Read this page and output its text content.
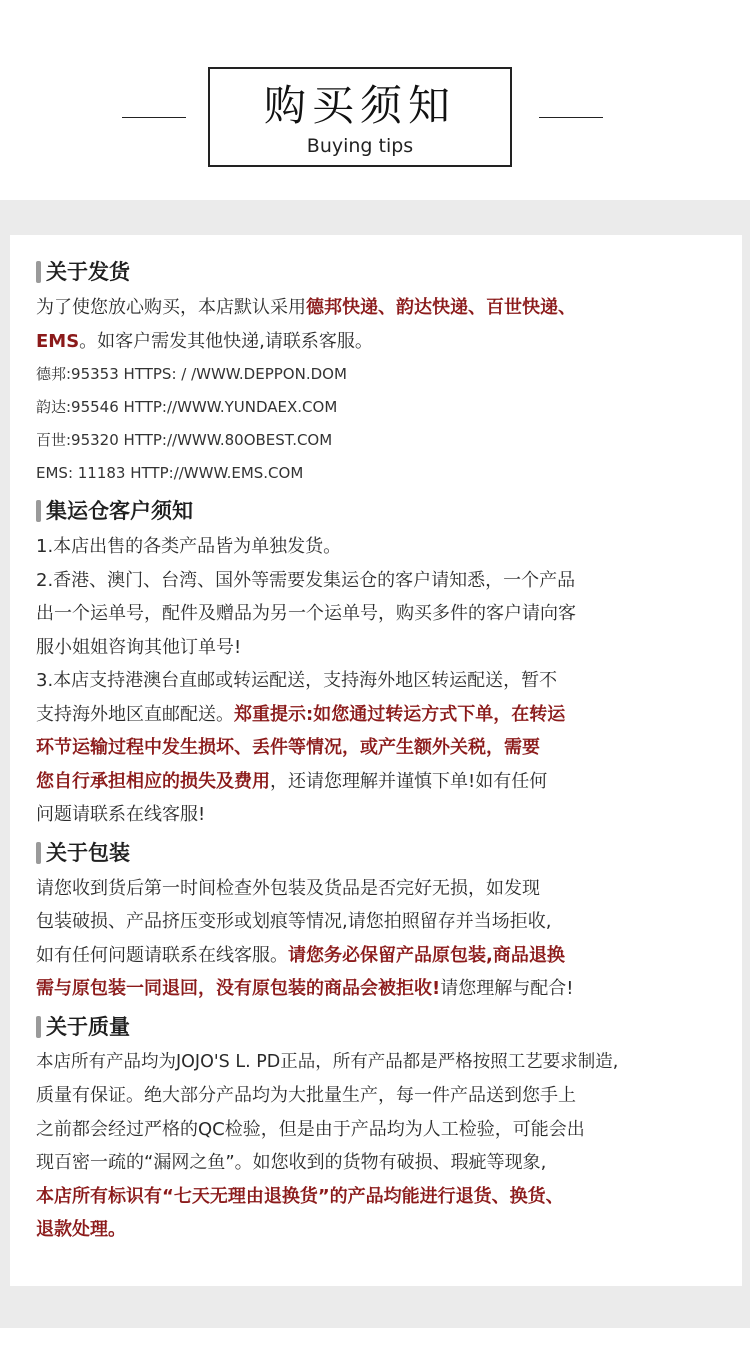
购买须知
Buying tips
关于发货
为了使您放心购买，本店默认采用德邦快递、韵达快递、百世快递、
EMS。如客户需发其他快递,请联系客服。
德邦:95353 HTTPS: / /WWW.DEPPON.DOM
韵达:95546 HTTP://WWW.YUNDAEX.COM
百世:95320 HTTP://WWW.80OBEST.COM
EMS: 11183 HTTP://WWW.EMS.COM
集运仓客户须知
1.本店出售的各类产品皆为单独发货。
2.香港、澳门、台湾、国外等需要发集运仓的客户请知悉，一个产品
出一个运单号，配件及赠品为另一个运单号，购买多件的客户请向客
服小姐姐咨询其他订单号!
3.本店支持港澳台直邮或转运配送，支持海外地区转运配送，暂不
支持海外地区直邮配送。郑重提示:如您通过转运方式下单，在转运
环节运输过程中发生损坏、丢件等情况，或产生额外关税，需要
您自行承担相应的损失及费用，还请您理解并谨慎下单!如有任何
问题请联系在线客服!
关于包装
请您收到货后第一时间检查外包装及货品是否完好无损，如发现
包装破损、产品挤压变形或划痕等情况,请您拍照留存并当场拒收,
如有任何问题请联系在线客服。请您务必保留产品原包装,商品退换
需与原包装一同退回，没有原包装的商品会被拒收!请您理解与配合!
关于质量
本店所有产品均为JOJO'S L. PD正品，所有产品都是严格按照工艺要求制造,
质量有保证。绝大部分产品均为大批量生产，每一件产品送到您手上
之前都会经过严格的QC检验，但是由于产品均为人工检验，可能会出
现百密一疏的“漏网之鱼”。如您收到的货物有破损、瑕疵等现象,
本店所有标识有“七天无理由退换货”的产品均能进行退货、换货、
退款处理。
